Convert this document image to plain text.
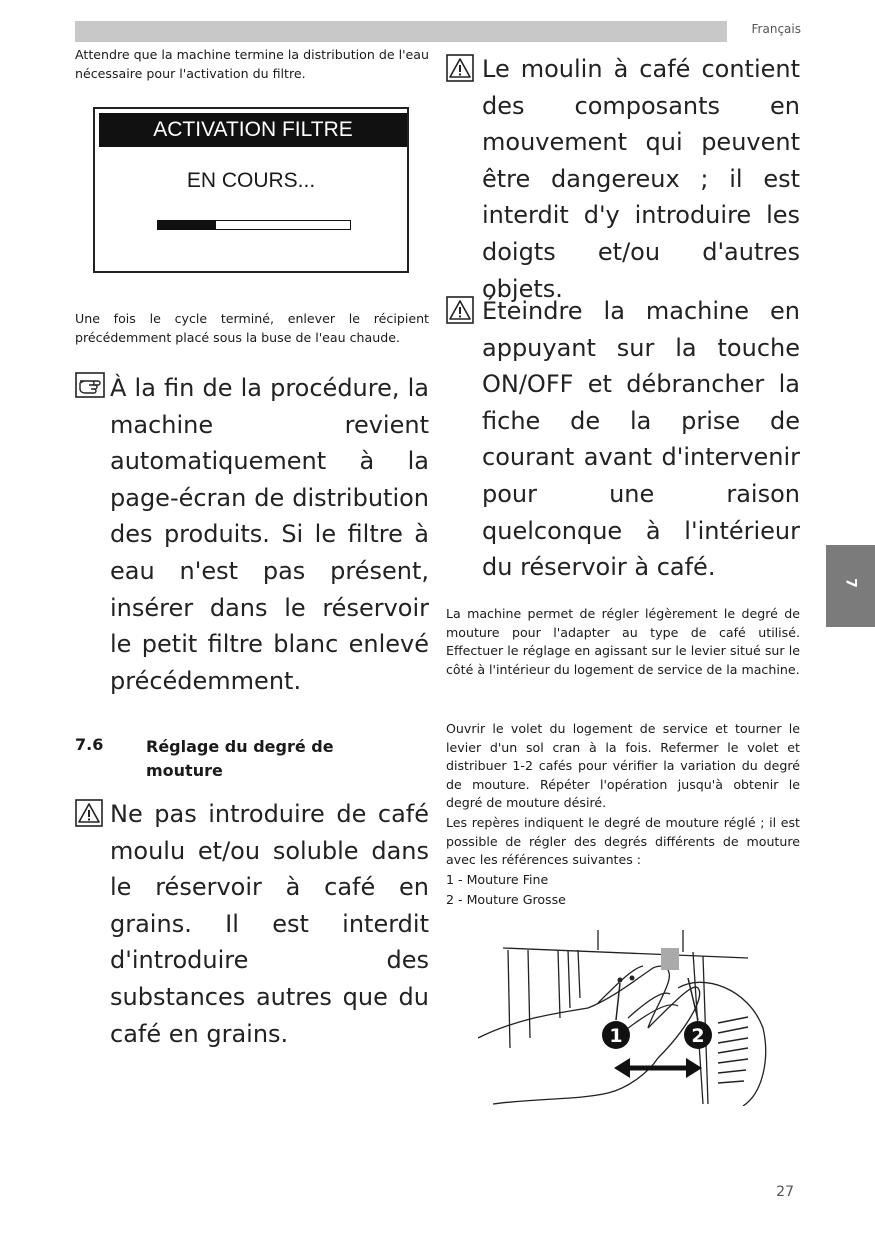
Français

Attendre que la machine termine la distribution de l'eau nécessaire pour l'activation du filtre.

ACTIVATION FILTRE
EN COURS...

Une fois le cycle terminé, enlever le récipient précédemment placé sous la buse de l'eau chaude.

À la fin de la procédure, la machine revient automatiquement à la page-écran de distribution des produits. Si le filtre à eau n'est pas présent, insérer dans le réservoir le petit filtre blanc enlevé précédemment.

7.6	Réglage du degré de mouture

Ne pas introduire de café moulu et/ou soluble dans le réservoir à café en grains. Il est interdit d'introduire des substances autres que du café en grains.

Le moulin à café contient des composants en mouvement qui peuvent être dangereux ; il est interdit d'y introduire les doigts et/ou d'autres objets.

Éteindre la machine en appuyant sur la touche ON/OFF et débrancher la fiche de la prise de courant avant d'intervenir pour une raison quelconque à l'intérieur du réservoir à café.

La machine permet de régler légèrement le degré de mouture pour l'adapter au type de café utilisé. Effectuer le réglage en agissant sur le levier situé sur le côté à l'intérieur du logement de service de la machine.

Ouvrir le volet du logement de service et tourner le levier d'un sol cran à la fois. Refermer le volet et distribuer 1-2 cafés pour vérifier la variation du degré de mouture. Répéter l'opération jusqu'à obtenir le degré de mouture désiré.

Les repères indiquent le degré de mouture réglé ; il est possible de régler des degrés différents de mouture avec les références suivantes :

1 - Mouture Fine

2 - Mouture Grosse

1	2
7
27
